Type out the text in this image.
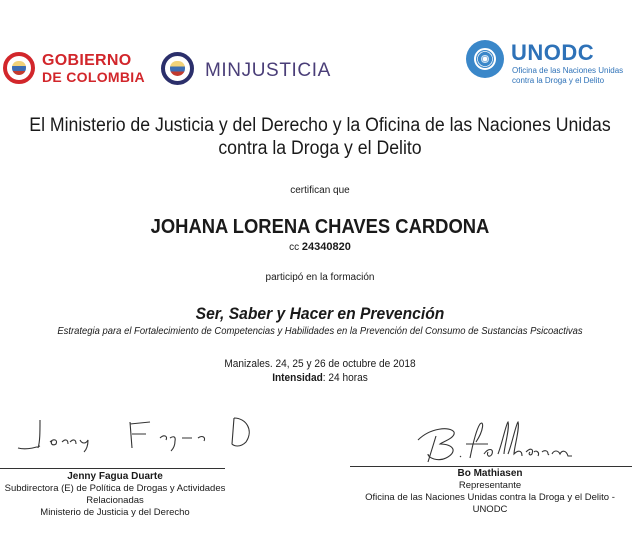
GOBIERNO
DE COLOMBIA	MINJUSTICIA
UNODC
Oficina de las Naciones Unidas
contra la Droga y el Delito
El Ministerio de Justicia y del Derecho y la Oficina de las Naciones Unidas
contra la Droga y el Delito
certifican que
JOHANA LORENA CHAVES CARDONA
cc 24340820
participó en la formación
Ser, Saber y Hacer en Prevención
Estrategia para el Fortalecimiento de Competencias y Habilidades en la Prevención del Consumo de Sustancias Psicoactivas
Manizales. 24, 25 y 26 de octubre de 2018
Intensidad: 24 horas
Jenny Fagua Duarte
Subdirectora (E) de Política de Drogas y Actividades Relacionadas
Ministerio de Justicia y del Derecho
Bo Mathiasen
Representante
Oficina de las Naciones Unidas contra la Droga y el Delito -
UNODC
